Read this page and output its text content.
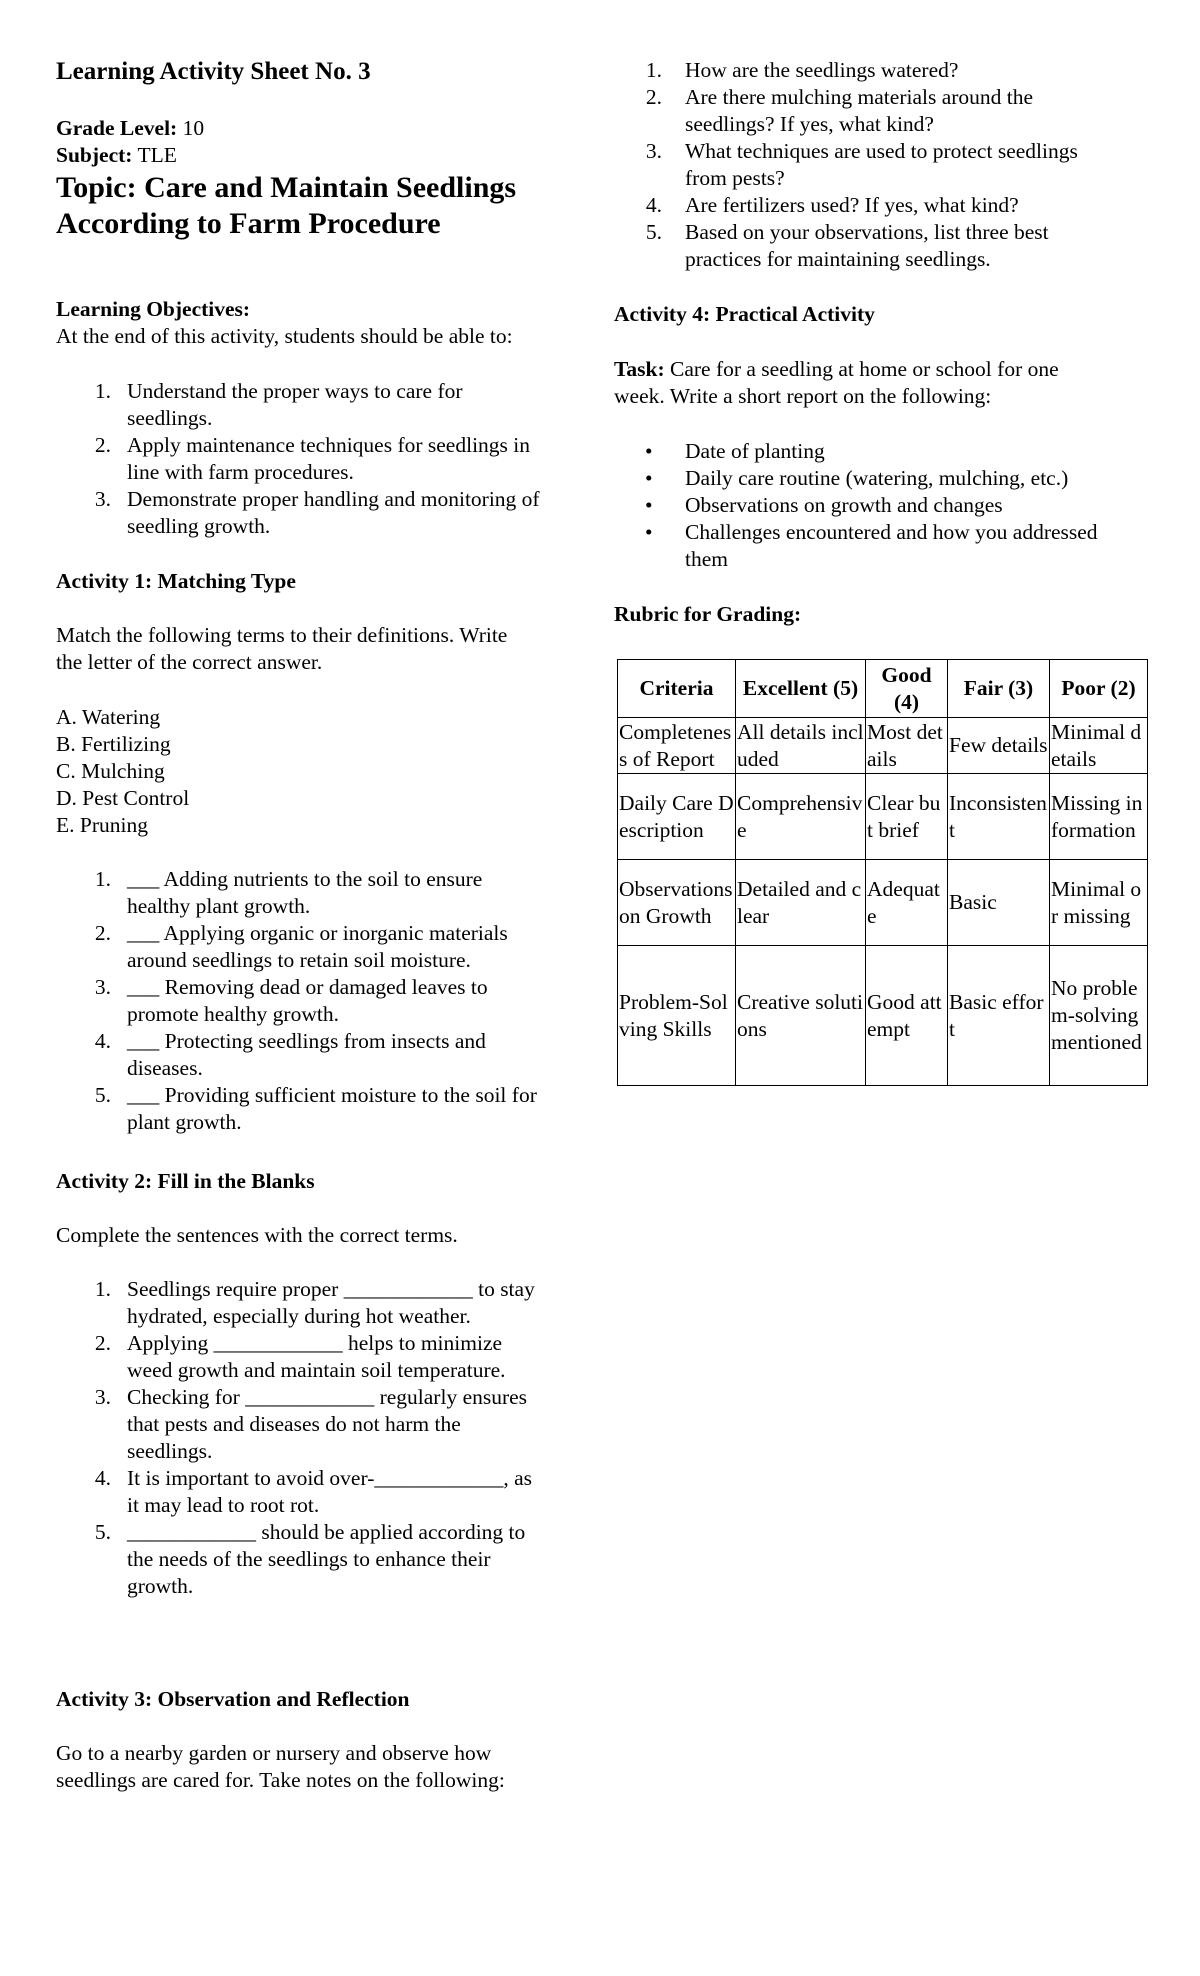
Learning Activity Sheet No. 3

Grade Level: 10

Subject: TLE

Topic: Care and Maintain Seedlings

According to Farm Procedure

Learning Objectives:

At the end of this activity, students should be able to:

1. Understand the proper ways to care for
seedlings.
2. Apply maintenance techniques for seedlings in
line with farm procedures.
3. Demonstrate proper handling and monitoring of
seedling growth.

Activity 1: Matching Type

Match the following terms to their definitions. Write
the letter of the correct answer.

A. Watering
B. Fertilizing
C. Mulching
D. Pest Control
E. Pruning
1. ___ Adding nutrients to the soil to ensure
healthy plant growth.
2. ___ Applying organic or inorganic materials
around seedlings to retain soil moisture.
3. ___ Removing dead or damaged leaves to
promote healthy growth.
4. ___ Protecting seedlings from insects and
diseases.
5. ___ Providing sufficient moisture to the soil for
plant growth.

Activity 2: Fill in the Blanks

Complete the sentences with the correct terms.

1. Seedlings require proper ____________ to stay
hydrated, especially during hot weather.
2. Applying ____________ helps to minimize
weed growth and maintain soil temperature.
3. Checking for ____________ regularly ensures
that pests and diseases do not harm the
seedlings.
4. It is important to avoid over-____________, as
it may lead to root rot.
5. ____________ should be applied according to
the needs of the seedlings to enhance their
growth.

Activity 3: Observation and Reflection

Go to a nearby garden or nursery and observe how
seedlings are cared for. Take notes on the following:

1. How are the seedlings watered?
2. Are there mulching materials around the
seedlings? If yes, what kind?
3. What techniques are used to protect seedlings
from pests?
4. Are fertilizers used? If yes, what kind?
5. Based on your observations, list three best
practices for maintaining seedlings.

Activity 4: Practical Activity

Task: Care for a seedling at home or school for one
week. Write a short report on the following:

• Date of planting
• Daily care routine (watering, mulching, etc.)
• Observations on growth and changes
• Challenges encountered and how you addressed
them

Rubric for Grading:

Criteria	Excellent (5)	Good (4)	Fair (3)	Poor (2)
Completeness of Report	All details included	Most details	Few details	Minimal details
Daily Care Description	Comprehensive	Clear but brief	Inconsistent	Missing information
Observations on Growth	Detailed and clear	Adequate	Basic	Minimal or missing
Problem-Solving Skills	Creative solutions	Good attempt	Basic effort	No problem-solving mentioned
